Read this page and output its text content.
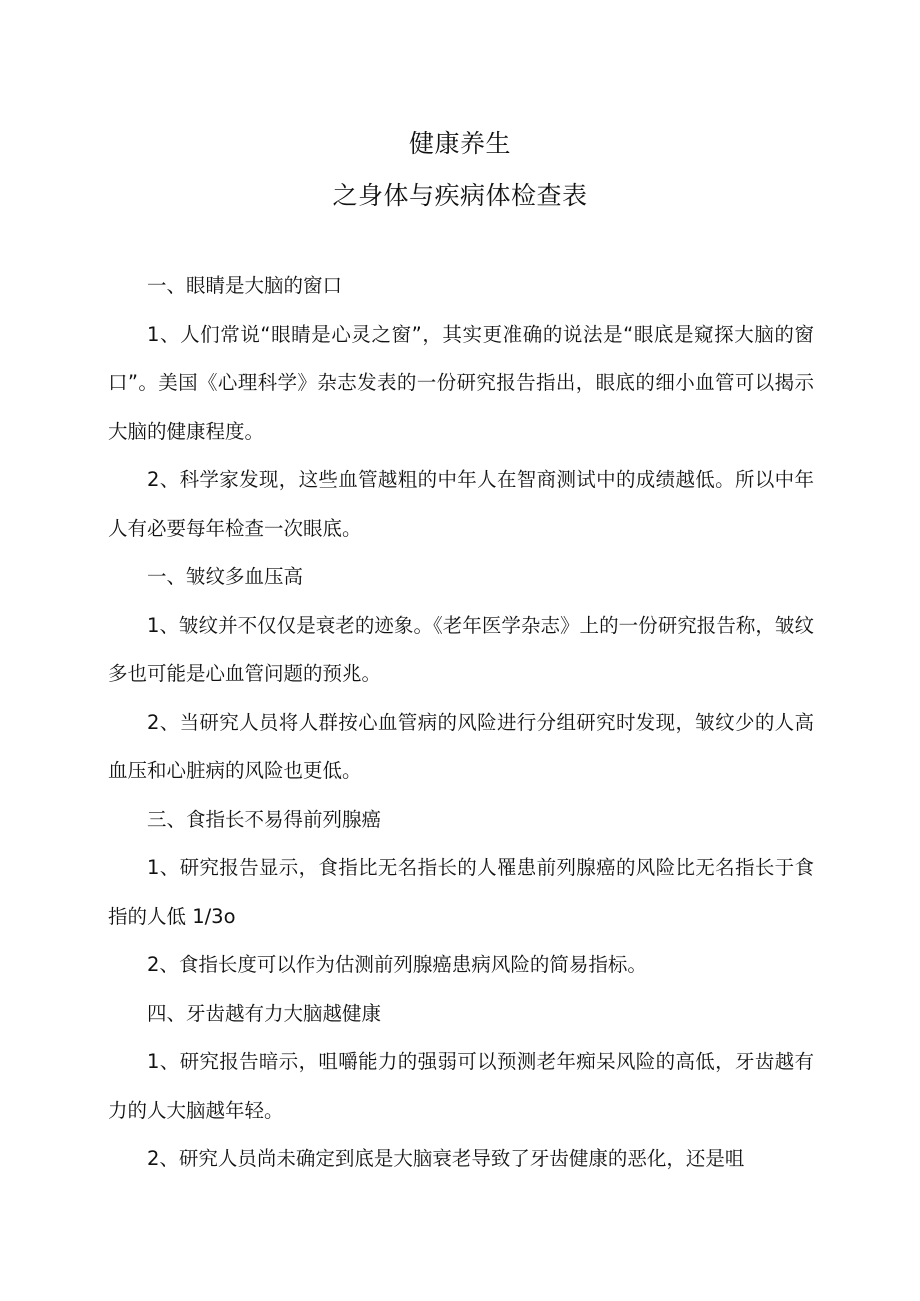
健康养生
之身体与疾病体检查表

一、眼睛是大脑的窗口

1、人们常说“眼睛是心灵之窗”，其实更准确的说法是“眼底是窥探大脑的窗口”。美国《心理科学》杂志发表的一份研究报告指出，眼底的细小血管可以揭示大脑的健康程度。

2、科学家发现，这些血管越粗的中年人在智商测试中的成绩越低。所以中年人有必要每年检查一次眼底。

一、皱纹多血压高

1、皱纹并不仅仅是衰老的迹象。《老年医学杂志》上的一份研究报告称，皱纹多也可能是心血管问题的预兆。

2、当研究人员将人群按心血管病的风险进行分组研究时发现，皱纹少的人高血压和心脏病的风险也更低。

三、食指长不易得前列腺癌

1、研究报告显示，食指比无名指长的人罹患前列腺癌的风险比无名指长于食指的人低 1/3o

2、食指长度可以作为估测前列腺癌患病风险的简易指标。

四、牙齿越有力大脑越健康

1、研究报告暗示，咀嚼能力的强弱可以预测老年痴呆风险的高低，牙齿越有力的人大脑越年轻。

2、研究人员尚未确定到底是大脑衰老导致了牙齿健康的恶化，还是咀
